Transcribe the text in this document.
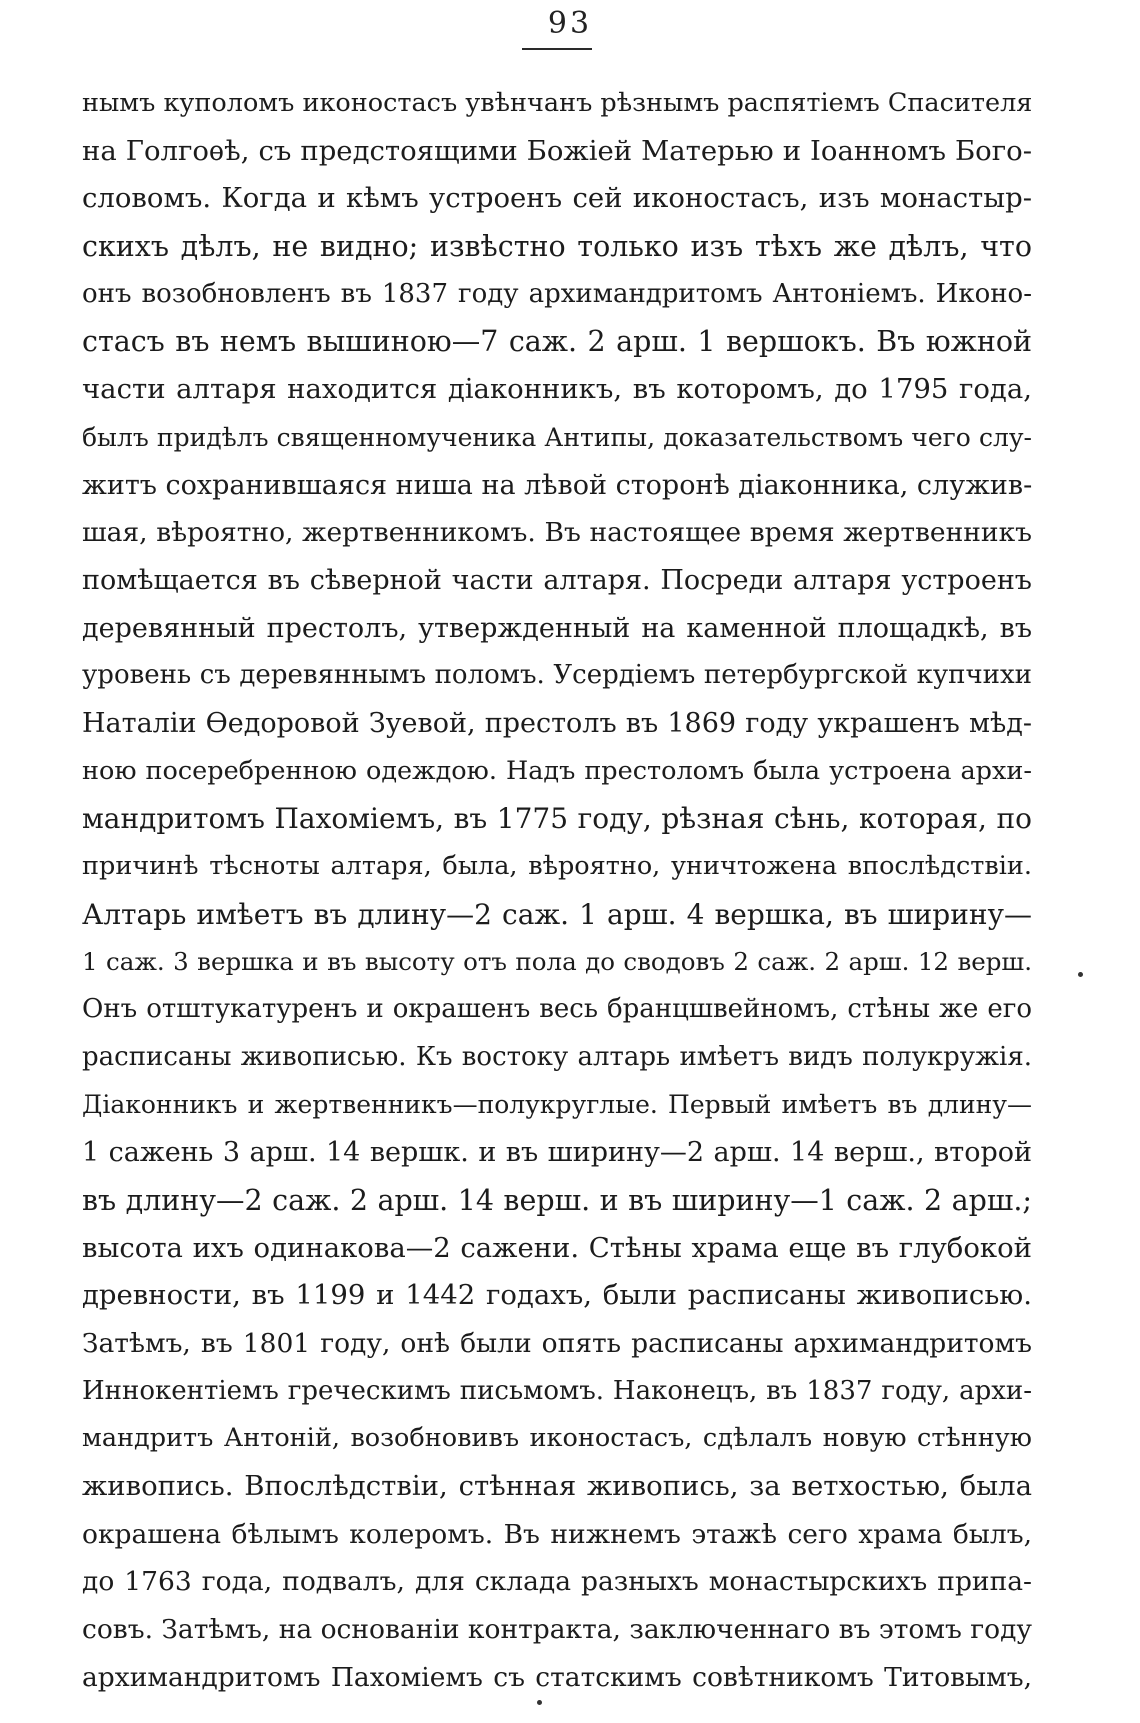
93
нымъ куполомъ иконостасъ увѣнчанъ рѣзнымъ распятіемъ Спасителя
на Голгоѳѣ, съ предстоящими Божіей Матерью и Іоанномъ Бого-
словомъ. Когда и кѣмъ устроенъ сей иконостасъ, изъ монастыр-
скихъ дѣлъ, не видно; извѣстно только изъ тѣхъ же дѣлъ, что
онъ возобновленъ въ 1837 году архимандритомъ Антоніемъ. Иконо-
стасъ въ немъ вышиною—7 саж. 2 арш. 1 вершокъ. Въ южной
части алтаря находится діаконникъ, въ которомъ, до 1795 года,
былъ придѣлъ священномученика Антипы, доказательствомъ чего слу-
житъ сохранившаяся ниша на лѣвой сторонѣ діаконника, служив-
шая, вѣроятно, жертвенникомъ. Въ настоящее время жертвенникъ
помѣщается въ сѣверной части алтаря. Посреди алтаря устроенъ
деревянный престолъ, утвержденный на каменной площадкѣ, въ
уровень съ деревяннымъ поломъ. Усердіемъ петербургской купчихи
Наталіи Ѳедоровой Зуевой, престолъ въ 1869 году украшенъ мѣд-
ною посеребренною одеждою. Надъ престоломъ была устроена архи-
мандритомъ Пахоміемъ, въ 1775 году, рѣзная сѣнь, которая, по
причинѣ тѣсноты алтаря, была, вѣроятно, уничтожена впослѣдствіи.
Алтарь имѣетъ въ длину—2 саж. 1 арш. 4 вершка, въ ширину—
1 саж. 3 вершка и въ высоту отъ пола до сводовъ 2 саж. 2 арш. 12 верш.
Онъ отштукатуренъ и окрашенъ весь бранцшвейномъ, стѣны же его
расписаны живописью. Къ востоку алтарь имѣетъ видъ полукружія.
Діаконникъ и жертвенникъ—полукруглые. Первый имѣетъ въ длину—
1 сажень 3 арш. 14 вершк. и въ ширину—2 арш. 14 верш., второй
въ длину—2 саж. 2 арш. 14 верш. и въ ширину—1 саж. 2 арш.;
высота ихъ одинакова—2 сажени. Стѣны храма еще въ глубокой
древности, въ 1199 и 1442 годахъ, были расписаны живописью.
Затѣмъ, въ 1801 году, онѣ были опять расписаны архимандритомъ
Иннокентіемъ греческимъ письмомъ. Наконецъ, въ 1837 году, архи-
мандритъ Антоній, возобновивъ иконостасъ, сдѣлалъ новую стѣнную
живопись. Впослѣдствіи, стѣнная живопись, за ветхостью, была
окрашена бѣлымъ колеромъ. Въ нижнемъ этажѣ сего храма былъ,
до 1763 года, подвалъ, для склада разныхъ монастырскихъ припа-
совъ. Затѣмъ, на основаніи контракта, заключеннаго въ этомъ году
архимандритомъ Пахоміемъ съ статскимъ совѣтникомъ Титовымъ,
